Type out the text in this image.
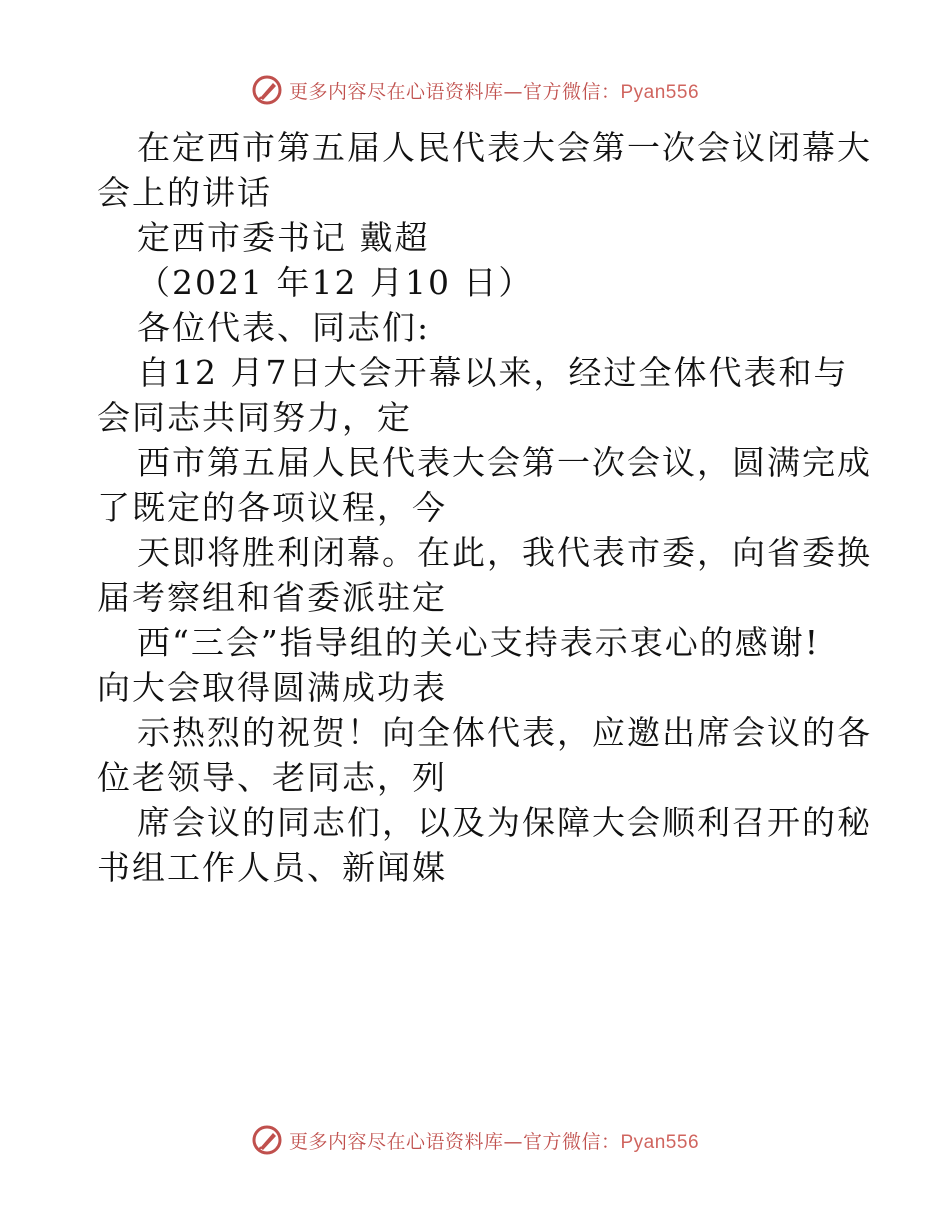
更多内容尽在心语资料库—官方微信：Pyan556
在定西市第五届人民代表大会第一次会议闭幕大
会上的讲话
定西市委书记 戴超
（2021 年12 月10 日）
各位代表、同志们:
自12 月7日大会开幕以来，经过全体代表和与
会同志共同努力，定
西市第五届人民代表大会第一次会议，圆满完成
了既定的各项议程，今
天即将胜利闭幕。在此，我代表市委，向省委换
届考察组和省委派驻定
西“三会”指导组的关心支持表示衷心的感谢!
向大会取得圆满成功表
示热烈的祝贺！向全体代表，应邀出席会议的各
位老领导、老同志，列
席会议的同志们，以及为保障大会顺利召开的秘
书组工作人员、新闻媒
更多内容尽在心语资料库—官方微信：Pyan556
